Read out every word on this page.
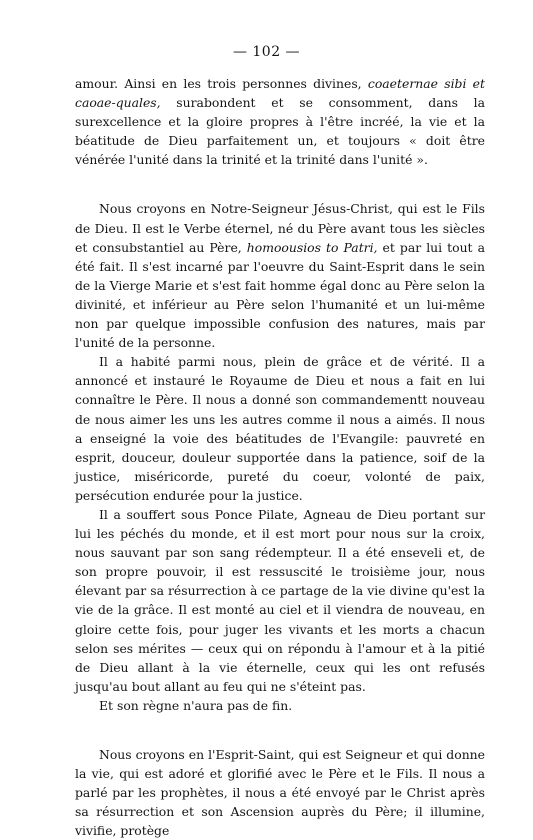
— 102 —

amour. Ainsi en les trois personnes divines, coaeternae sibi et caoae-quales, surabondent et se consomment, dans la surexcellence et la gloire propres à l'être incréé, la vie et la béatitude de Dieu parfaitement un, et toujours « doit être vénérée l'unité dans la trinité et la trinité dans l'unité ».

Nous croyons en Notre-Seigneur Jésus-Christ, qui est le Fils de Dieu. Il est le Verbe éternel, né du Père avant tous les siècles et consubstantiel au Père, homoousios to Patri, et par lui tout a été fait. Il s'est incarné par l'oeuvre du Saint-Esprit dans le sein de la Vierge Marie et s'est fait homme égal donc au Père selon la divinité, et inférieur au Père selon l'humanité et un lui-même non par quelque impossible confusion des natures, mais par l'unité de la personne.

Il a habité parmi nous, plein de grâce et de vérité. Il a annoncé et instauré le Royaume de Dieu et nous a fait en lui connaître le Père. Il nous a donné son commandementt nouveau de nous aimer les uns les autres comme il nous a aimés. Il nous a enseigné la voie des béatitudes de l'Evangile: pauvreté en esprit, douceur, douleur supportée dans la patience, soif de la justice, miséricorde, pureté du coeur, volonté de paix, persécution endurée pour la justice.

Il a souffert sous Ponce Pilate, Agneau de Dieu portant sur lui les péchés du monde, et il est mort pour nous sur la croix, nous sauvant par son sang rédempteur. Il a été enseveli et, de son propre pouvoir, il est ressuscité le troisième jour, nous élevant par sa résurrection à ce partage de la vie divine qu'est la vie de la grâce. Il est monté au ciel et il viendra de nouveau, en gloire cette fois, pour juger les vivants et les morts a chacun selon ses mérites — ceux qui on répondu à l'amour et à la pitié de Dieu allant à la vie éternelle, ceux qui les ont refusés jusqu'au bout allant au feu qui ne s'éteint pas.

Et son règne n'aura pas de fin.

Nous croyons en l'Esprit-Saint, qui est Seigneur et qui donne la vie, qui est adoré et glorifié avec le Père et le Fils. Il nous a parlé par les prophètes, il nous a été envoyé par le Christ après sa résurrection et son Ascension auprès du Père; il illumine, vivifie, protège
